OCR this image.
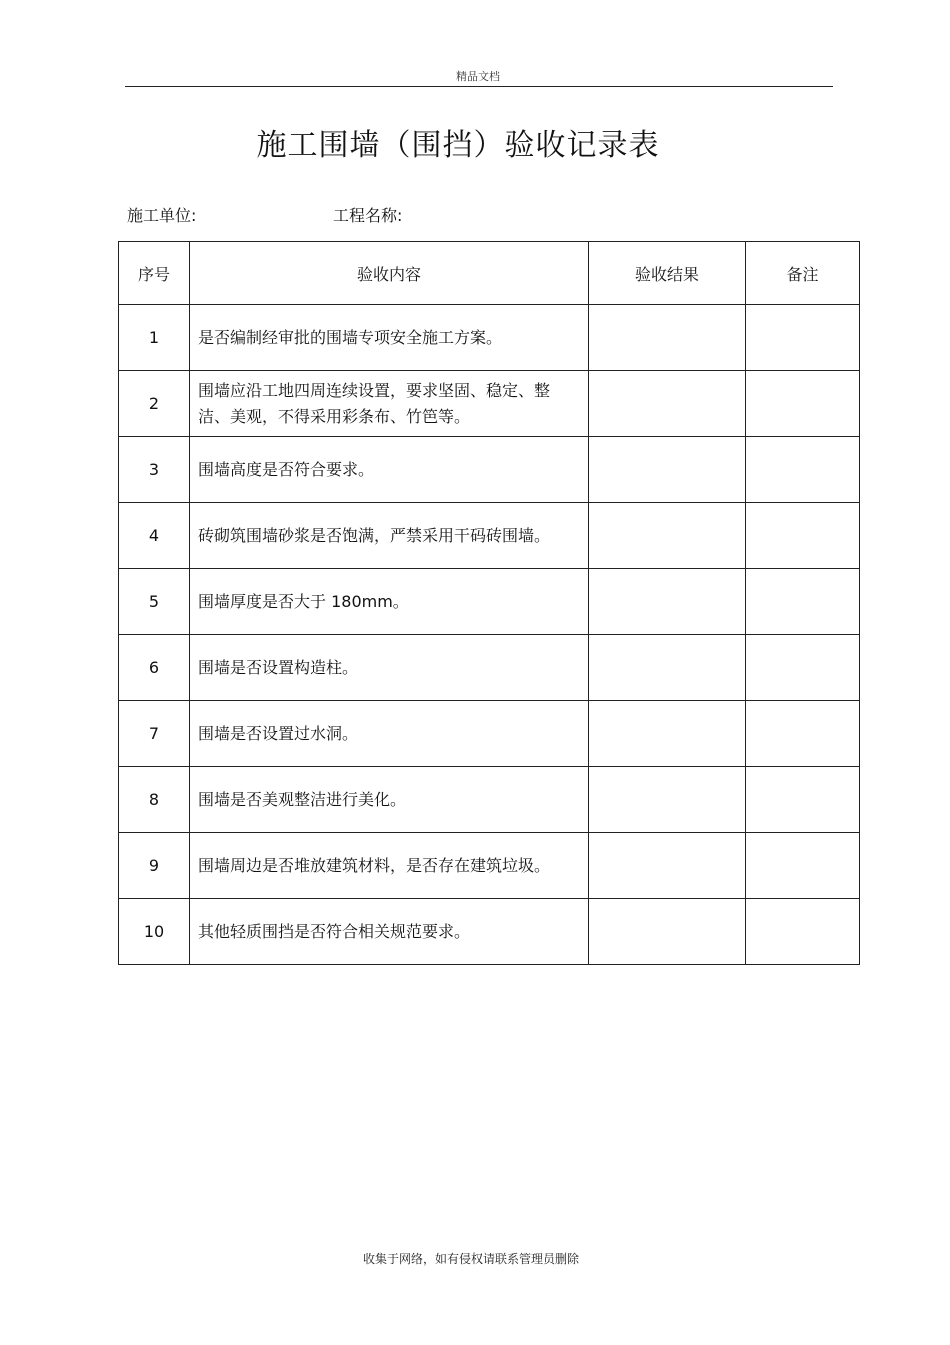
精品文档
施工围墙（围挡）验收记录表
施工单位:	工程名称:
序号	验收内容	验收结果	备注
1	是否编制经审批的围墙专项安全施工方案。		
2	围墙应沿工地四周连续设置，要求坚固、稳定、整洁、美观，不得采用彩条布、竹笆等。		
3	围墙高度是否符合要求。		
4	砖砌筑围墙砂浆是否饱满，严禁采用干码砖围墙。		
5	围墙厚度是否大于 180mm。		
6	围墙是否设置构造柱。		
7	围墙是否设置过水洞。		
8	围墙是否美观整洁进行美化。		
9	围墙周边是否堆放建筑材料，是否存在建筑垃圾。		
10	其他轻质围挡是否符合相关规范要求。		
收集于网络，如有侵权请联系管理员删除
